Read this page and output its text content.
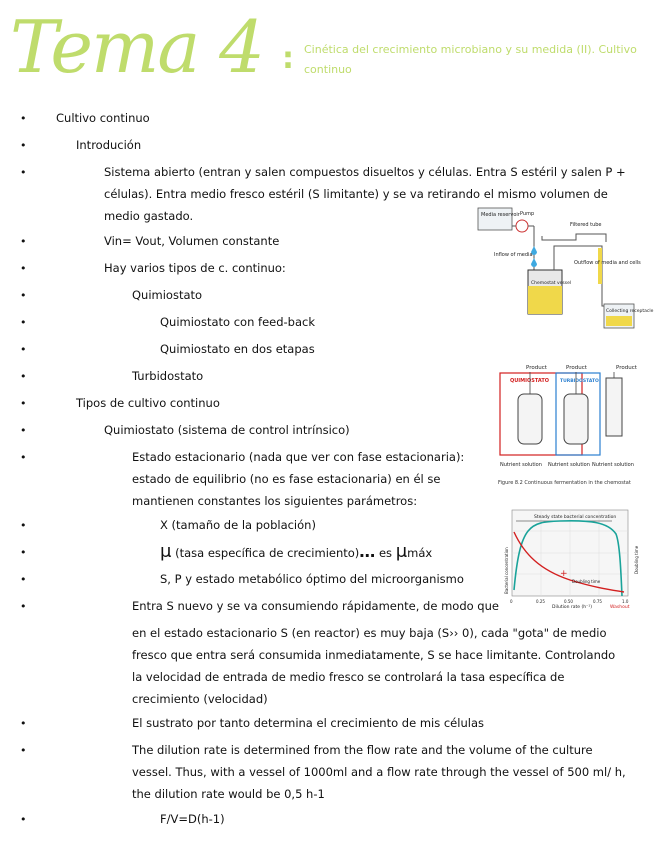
Tema 4 : Cinética del crecimiento microbiano y su medida (II). Cultivo continuo
•
•
•
•
•
•
•
•
•
•
•
•
•
•
•
•
•
•
•
Cultivo continuo
Introdución
Sistema abierto (entran y salen compuestos disueltos y células. Entra S estéril y salen P + células). Entra medio fresco estéril (S limitante) y se va retirando el mismo volumen de medio gastado.
Vin= Vout, Volumen constante
Hay varios tipos de c. continuo:
Quimiostato
Quimiostato con feed-back
Quimiostato en dos etapas
Turbidostato
Tipos de cultivo continuo
Quimiostato (sistema de control intrínsico)
Estado estacionario (nada que ver con fase estacionaria): estado de equilibrio (no es fase estacionaria) en él se mantienen constantes los siguientes parámetros:
X (tamaño de la población)
μ (tasa específica de crecimiento)… es μmáx
S, P y estado metabólico óptimo del microorganismo
Entra S nuevo y se va consumiendo rápidamente, de modo que
en el estado estacionario S (en reactor) es muy baja (S›› 0), cada "gota" de medio fresco que entra será consumida inmediatamente, S se hace limitante. Controlando la velocidad de entrada de medio fresco se controlará la tasa específica de crecimiento (velocidad)
El sustrato por tanto determina el crecimiento de mis células
The dilution rate is determined from the flow rate and the volume of the culture vessel. Thus, with a vessel of 1000ml and a flow rate through the vessel of 500 ml/ h, the dilution rate would be 0,5 h-1
F/V=D(h-1)
Media reservoir Pump
Inflow of media
Filtered tube
Chemostat vessel
Outflow of media and cells
Collecting receptacle
Product	Product	Product
QUIMIOSTATO TURBIDOSTATO
Nutrient solution Nutrient solution Nutrient solution
Figure 8.2 Continuous fermentation in the chemostat
Steady state bacterial concentration
+
Doubling time
Washout
Dilution rate (h⁻¹)
Bacterial concentration	Doubling time
0	0.25	0.50	0.75	1.0
